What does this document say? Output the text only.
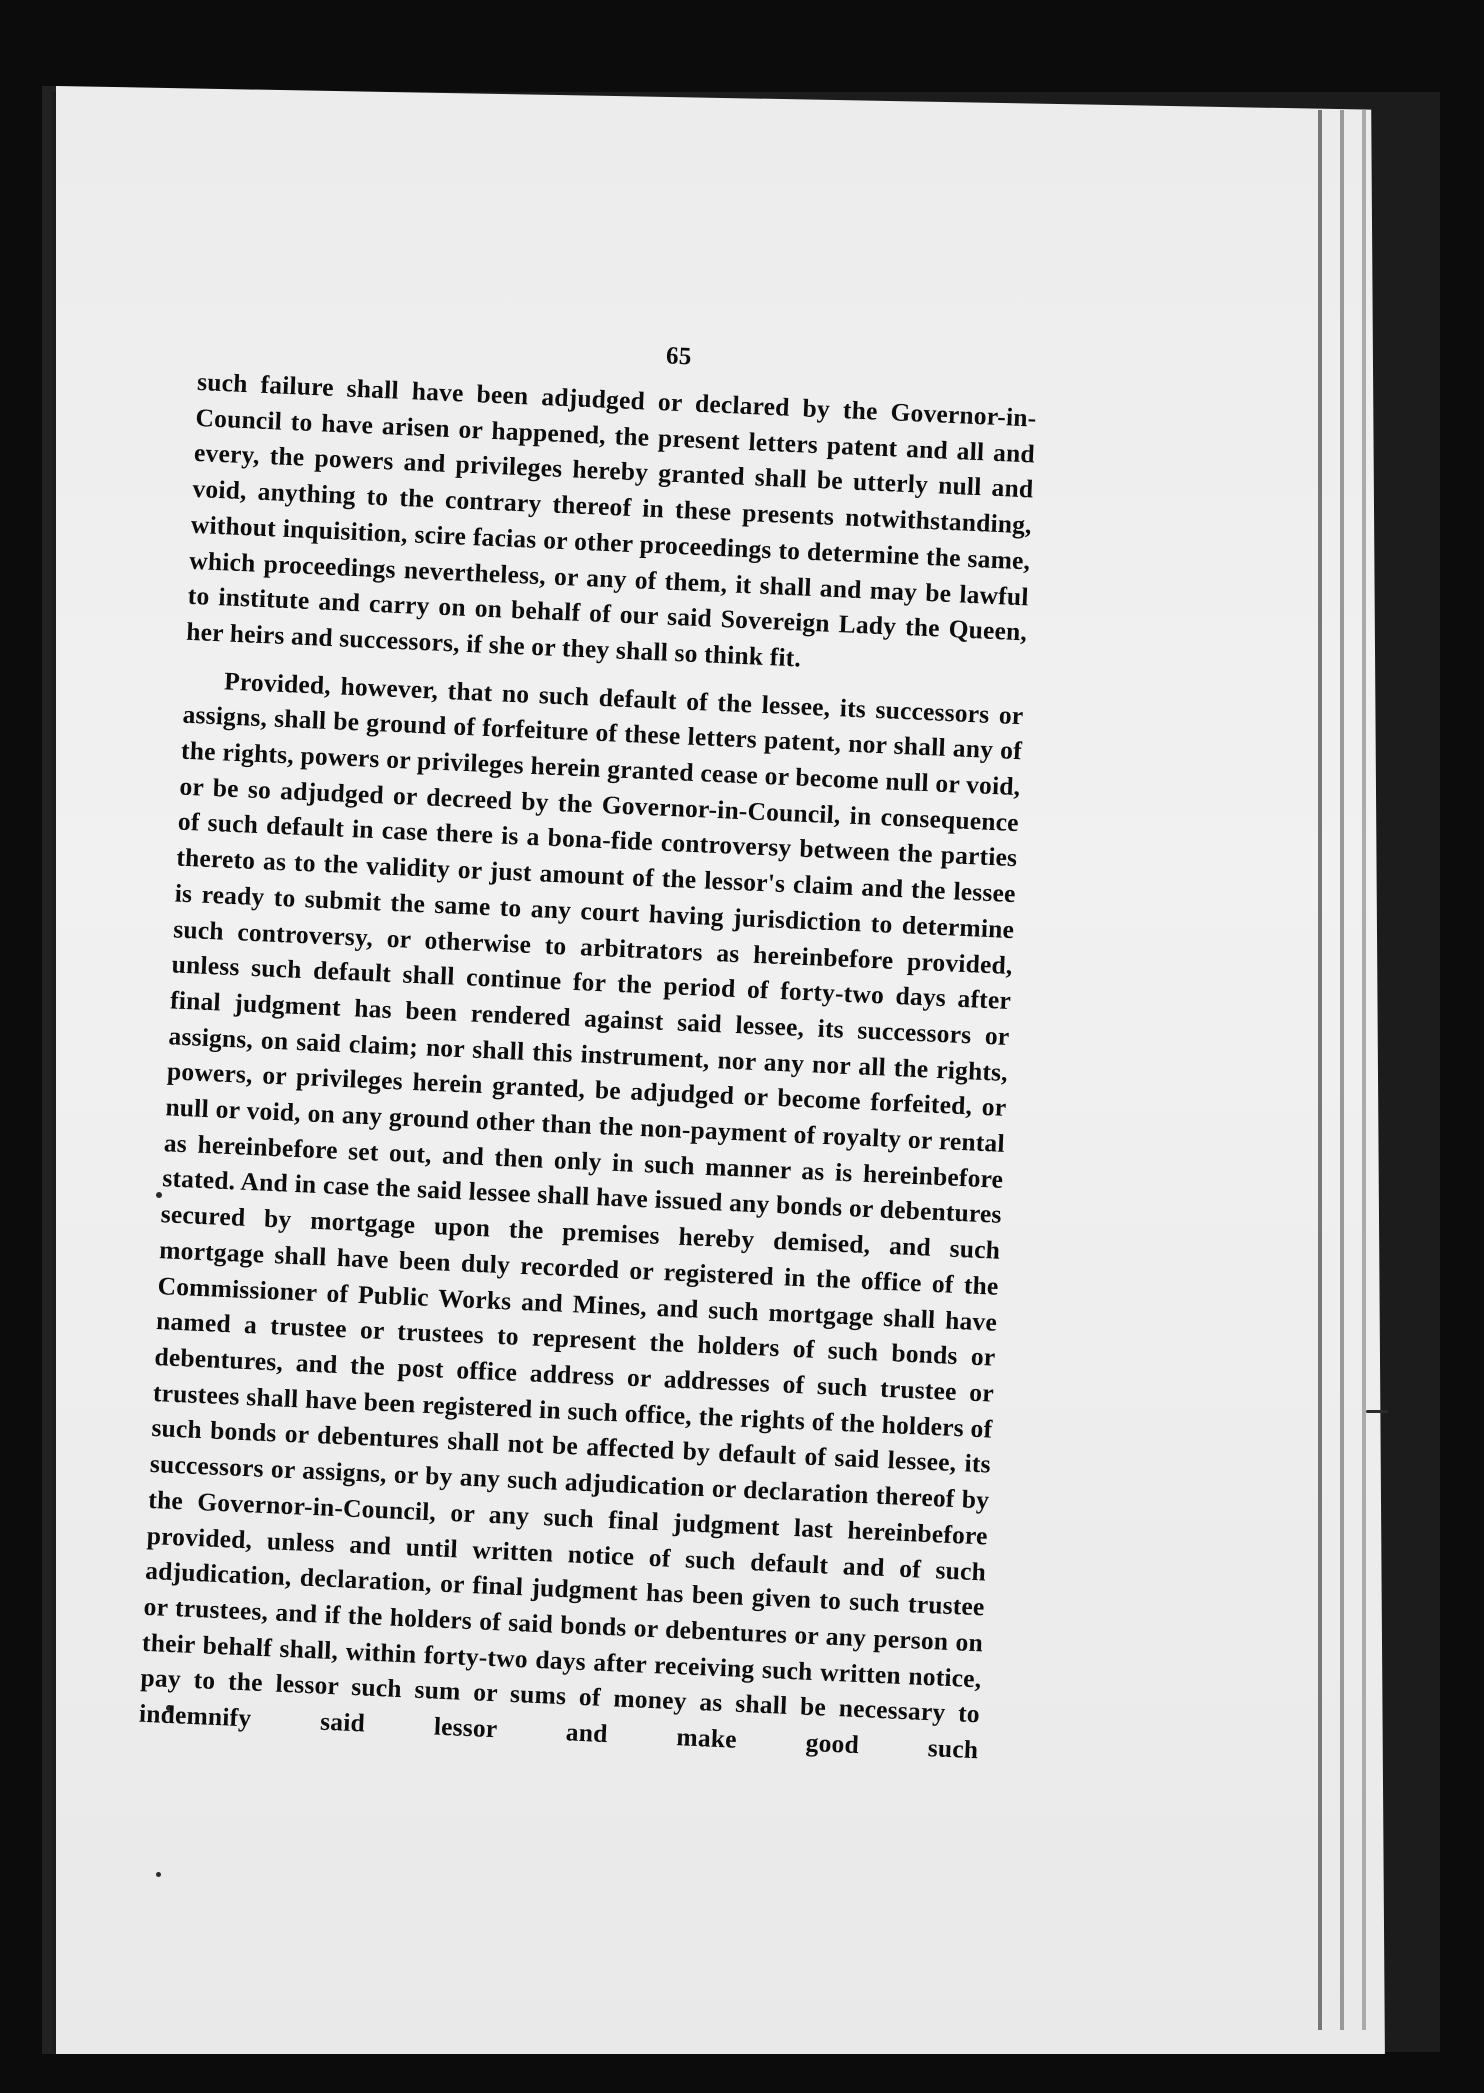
65

such failure shall have been adjudged or declared by the Governor-in-Council to have arisen or happened, the present letters patent and all and every, the powers and privileges hereby granted shall be utterly null and void, anything to the contrary thereof in these presents notwithstanding, without inquisition, scire facias or other proceedings to determine the same, which proceedings nevertheless, or any of them, it shall and may be lawful to institute and carry on on behalf of our said Sovereign Lady the Queen, her heirs and successors, if she or they shall so think fit.

Provided, however, that no such default of the lessee, its successors or assigns, shall be ground of forfeiture of these letters patent, nor shall any of the rights, powers or privileges herein granted cease or become null or void, or be so adjudged or decreed by the Governor-in-Council, in consequence of such default in case there is a bona-fide controversy between the parties thereto as to the validity or just amount of the lessor's claim and the lessee is ready to submit the same to any court having jurisdiction to determine such controversy, or otherwise to arbitrators as hereinbefore provided, unless such default shall continue for the period of forty-two days after final judgment has been rendered against said lessee, its successors or assigns, on said claim; nor shall this instrument, nor any nor all the rights, powers, or privileges herein granted, be adjudged or become forfeited, or null or void, on any ground other than the non-payment of royalty or rental as hereinbefore set out, and then only in such manner as is hereinbefore stated. And in case the said lessee shall have issued any bonds or debentures secured by mortgage upon the premises hereby demised, and such mortgage shall have been duly recorded or registered in the office of the Commissioner of Public Works and Mines, and such mortgage shall have named a trustee or trustees to represent the holders of such bonds or debentures, and the post office address or addresses of such trustee or trustees shall have been registered in such office, the rights of the holders of such bonds or debentures shall not be affected by default of said lessee, its successors or assigns, or by any such adjudication or declaration thereof by the Governor-in-Council, or any such final judgment last hereinbefore provided, unless and until written notice of such default and of such adjudication, declaration, or final judgment has been given to such trustee or trustees, and if the holders of said bonds or debentures or any person on their behalf shall, within forty-two days after receiving such written notice, pay to the lessor such sum or sums of money as shall be necessary to indemnify said lessor and make good such
